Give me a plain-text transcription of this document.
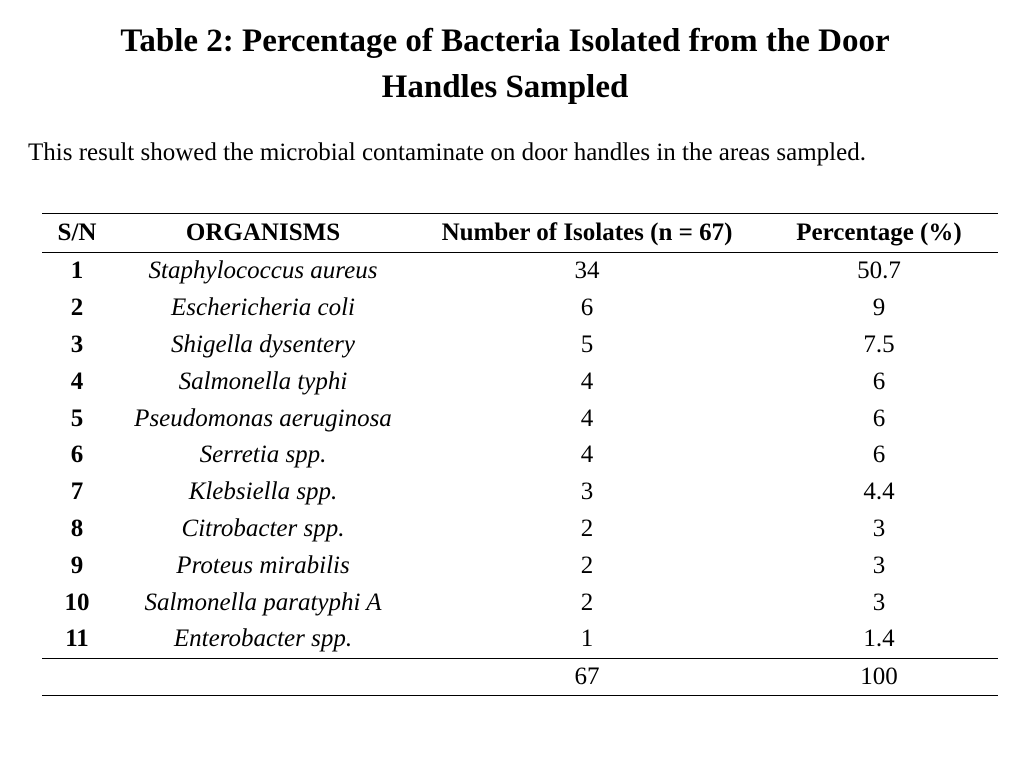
Table 2: Percentage of Bacteria Isolated from the Door
Handles Sampled
This result showed the microbial contaminate on door handles in the areas sampled.
S/N	ORGANISMS	Number of Isolates (n = 67)	Percentage (%)
1	Staphylococcus aureus	34	50.7
2	Eschericheria coli	6	9
3	Shigella dysentery	5	7.5
4	Salmonella typhi	4	6
5	Pseudomonas aeruginosa	4	6
6	Serretia spp.	4	6
7	Klebsiella spp.	3	4.4
8	Citrobacter spp.	2	3
9	Proteus mirabilis	2	3
10	Salmonella paratyphi A	2	3
11	Enterobacter spp.	1	1.4
		67	100
